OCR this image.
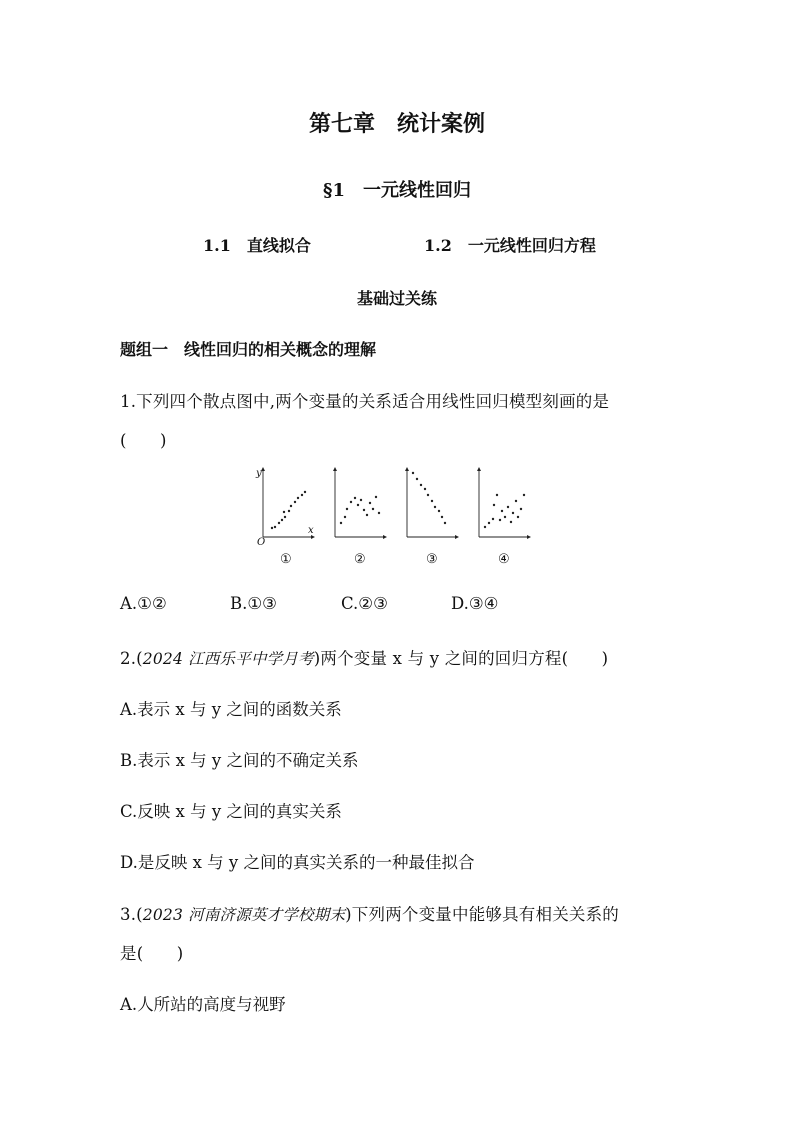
第七章　统计案例
§1　一元线性回归
1.1　直线拟合	1.2　一元线性回归方程
基础过关练
题组一　线性回归的相关概念的理解
1.下列四个散点图中,两个变量的关系适合用线性回归模型刻画的是
(　　)
y
x
O
①	②	③	④
A.①②	B.①③	C.②③	D.③④
2.(2024 江西乐平中学月考)两个变量 x 与 y 之间的回归方程(　　)
A.表示 x 与 y 之间的函数关系
B.表示 x 与 y 之间的不确定关系
C.反映 x 与 y 之间的真实关系
D.是反映 x 与 y 之间的真实关系的一种最佳拟合
3.(2023 河南济源英才学校期末)下列两个变量中能够具有相关关系的
是(　　)
A.人所站的高度与视野
